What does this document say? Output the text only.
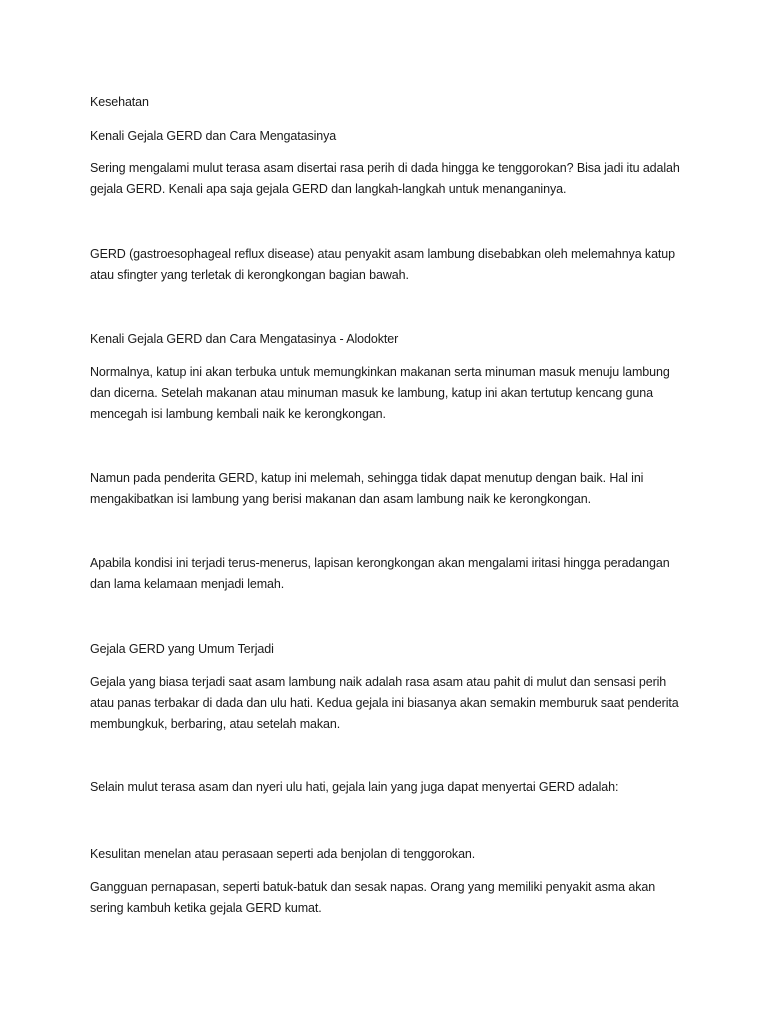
Kesehatan
Kenali Gejala GERD dan Cara Mengatasinya
Sering mengalami mulut terasa asam disertai rasa perih di dada hingga ke tenggorokan? Bisa jadi itu adalah gejala GERD. Kenali apa saja gejala GERD dan langkah-langkah untuk menanganinya.
GERD (gastroesophageal reflux disease) atau penyakit asam lambung disebabkan oleh melemahnya katup atau sfingter yang terletak di kerongkongan bagian bawah.
Kenali Gejala GERD dan Cara Mengatasinya - Alodokter
Normalnya, katup ini akan terbuka untuk memungkinkan makanan serta minuman masuk menuju lambung dan dicerna. Setelah makanan atau minuman masuk ke lambung, katup ini akan tertutup kencang guna mencegah isi lambung kembali naik ke kerongkongan.
Namun pada penderita GERD, katup ini melemah, sehingga tidak dapat menutup dengan baik. Hal ini mengakibatkan isi lambung yang berisi makanan dan asam lambung naik ke kerongkongan.
Apabila kondisi ini terjadi terus-menerus, lapisan kerongkongan akan mengalami iritasi hingga peradangan dan lama kelamaan menjadi lemah.
Gejala GERD yang Umum Terjadi
Gejala yang biasa terjadi saat asam lambung naik adalah rasa asam atau pahit di mulut dan sensasi perih atau panas terbakar di dada dan ulu hati. Kedua gejala ini biasanya akan semakin memburuk saat penderita membungkuk, berbaring, atau setelah makan.
Selain mulut terasa asam dan nyeri ulu hati, gejala lain yang juga dapat menyertai GERD adalah:
Kesulitan menelan atau perasaan seperti ada benjolan di tenggorokan.
Gangguan pernapasan, seperti batuk-batuk dan sesak napas. Orang yang memiliki penyakit asma akan sering kambuh ketika gejala GERD kumat.
